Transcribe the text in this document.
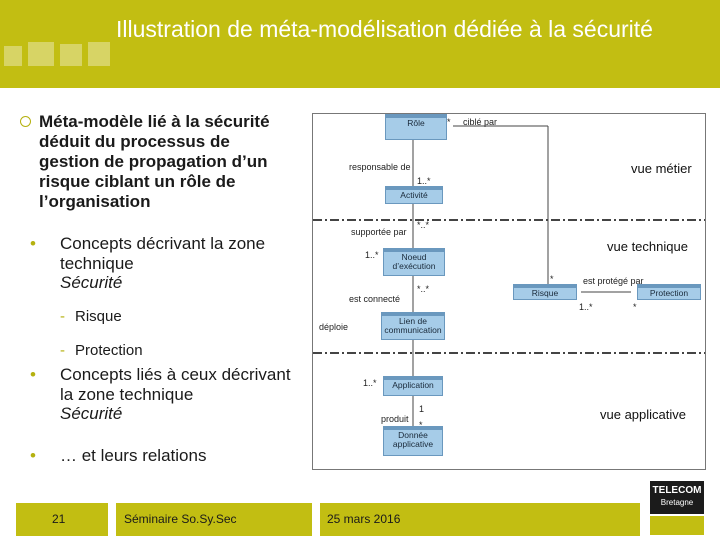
Illustration de méta-modélisation dédiée à la sécurité
Méta-modèle lié à la sécurité déduit du processus de gestion de propagation d’un risque ciblant un rôle de l’organisation
• Concepts décrivant la zone technique
Sécurité
- Risque
- Protection
• Concepts liés à ceux décrivant la zone technique
Sécurité
• … et leurs relations
Rôle
Activité
Noeud d’exécution
Lien de communication
Risque	Protection
Application
Donnée applicative
vue métier
vue technique
vue applicative
ciblé par
*
responsable de
1..*
supportée par
*..*
1..*
est connecté
*..*
déploie
*	est protégé par
1..*	*
1..*
produit
1
*
21	Séminaire So.Sy.Sec	25 mars 2016
TELECOM
Bretagne
